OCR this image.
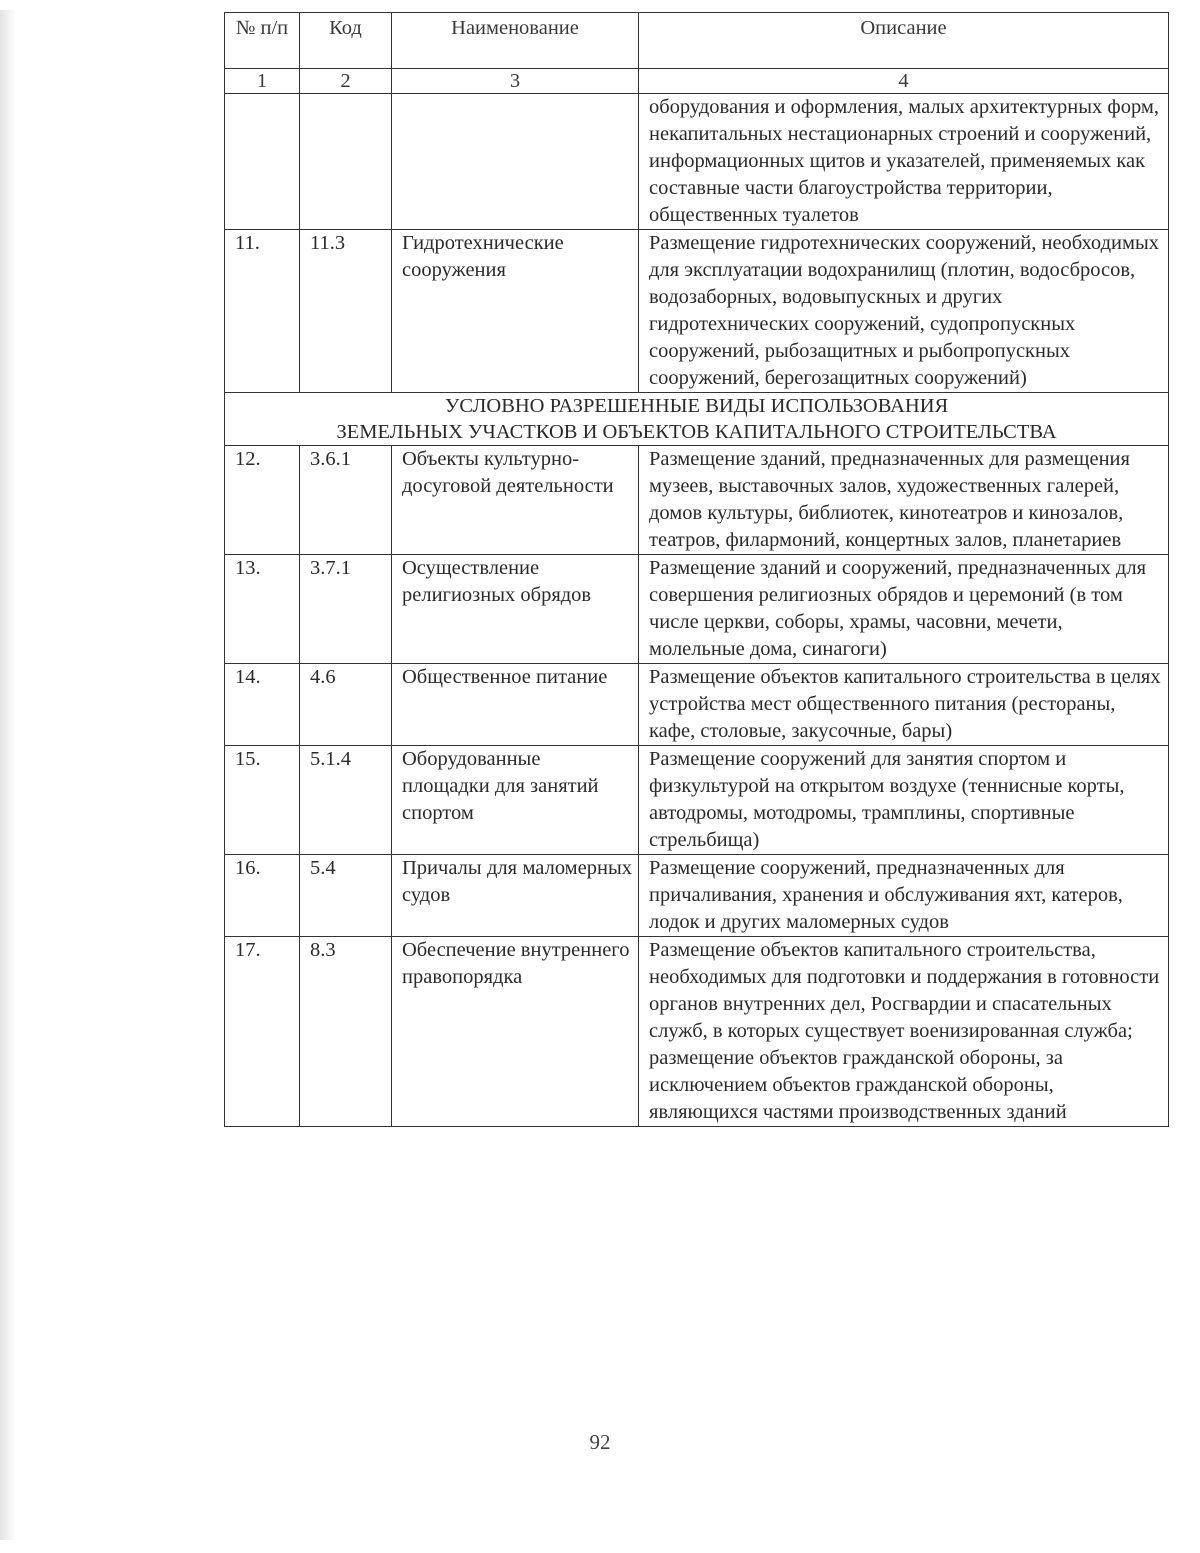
№ п/п	Код	Наименование	Описание
1	2	3	4
			оборудования и оформления, малых архитектурных форм, некапитальных нестационарных строений и сооружений, информационных щитов и указателей, применяемых как составные части благоустройства территории, общественных туалетов
11.	11.3	Гидротехнические сооружения	Размещение гидротехнических сооружений, необходимых для эксплуатации водохранилищ (плотин, водосбросов, водозаборных, водовыпускных и других гидротехнических сооружений, судопропускных сооружений, рыбозащитных и рыбопропускных сооружений, берегозащитных сооружений)

УСЛОВНО РАЗРЕШЕННЫЕ ВИДЫ ИСПОЛЬЗОВАНИЯ
ЗЕМЕЛЬНЫХ УЧАСТКОВ И ОБЪЕКТОВ КАПИТАЛЬНОГО СТРОИТЕЛЬСТВА			

12.	3.6.1	Объекты культурно-досуговой деятельности	Размещение зданий, предназначенных для размещения музеев, выставочных залов, художественных галерей, домов культуры, библиотек, кинотеатров и кинозалов, театров, филармоний, концертных залов, планетариев
13.	3.7.1	Осуществление религиозных обрядов	Размещение зданий и сооружений, предназначенных для совершения религиозных обрядов и церемоний (в том числе церкви, соборы, храмы, часовни, мечети, молельные дома, синагоги)
14.	4.6	Общественное питание	Размещение объектов капитального строительства в целях устройства мест общественного питания (рестораны, кафе, столовые, закусочные, бары)
15.	5.1.4	Оборудованные площадки для занятий спортом	Размещение сооружений для занятия спортом и физкультурой на открытом воздухе (теннисные корты, автодромы, мотодромы, трамплины, спортивные стрельбища)
16.	5.4	Причалы для маломерных судов	Размещение сооружений, предназначенных для причаливания, хранения и обслуживания яхт, катеров, лодок и других маломерных судов
17.	8.3	Обеспечение внутреннего правопорядка	Размещение объектов капитального строительства, необходимых для подготовки и поддержания в готовности органов внутренних дел, Росгвардии и спасательных служб, в которых существует военизированная служба; размещение объектов гражданской обороны, за исключением объектов гражданской обороны, являющихся частями производственных зданий
92
